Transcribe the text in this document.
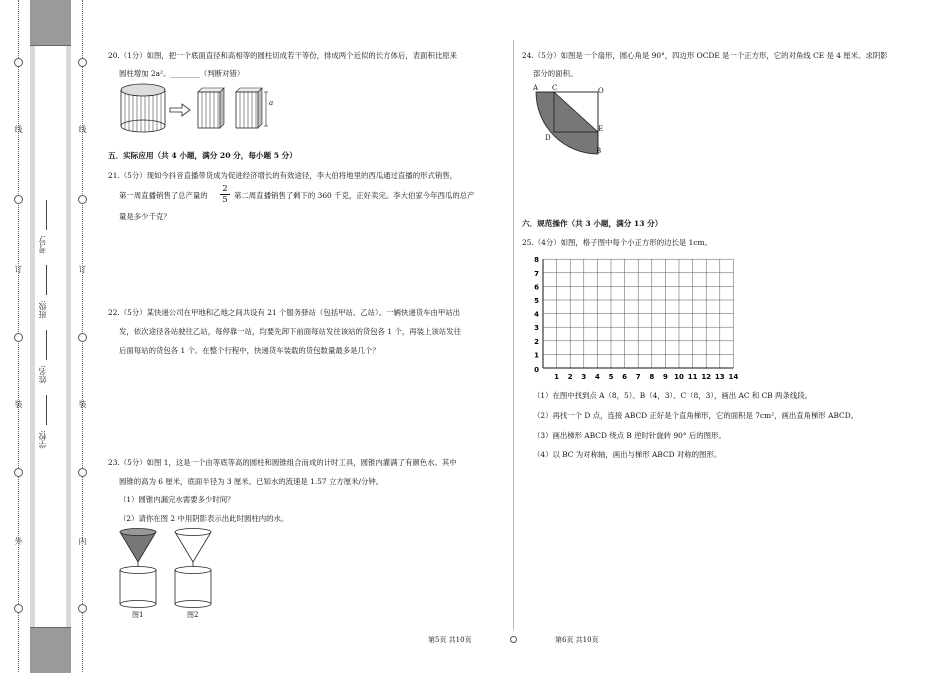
线
订
装
外
线
订
装
内
学校:
姓名:
班级:
考号:
20.（1分）如图，把一个底面直径和高相等的圆柱切成若干等份，排成两个近似的长方体后，表面积比原来
圆柱增加 2a²。________（判断对错）
a
五．实际应用（共 4 小题，满分 20 分，每小题 5 分）
21.（5分）现如今抖音直播带货成为促进经济增长的有效途径，李大伯将地里的西瓜通过直播的形式销售，
第一周直播销售了总产量的 $\frac{2}{5}$ 第二周直播销售了剩下的 360 千克，正好卖完。李大伯家今年西瓜的总产
量是多少千克？
22.（5分）某快递公司在甲地和乙地之间共设有 21 个服务驿站（包括甲站、乙站）。一辆快递货车由甲站出
发，依次途径各站驶往乙站，每停靠一站，均要先卸下前面每站发往该站的货包各 1 个，再装上该站发往
后面每站的货包各 1 个。在整个行程中，快递货车装载的货包数量最多是几个？
23.（5分）如图 1，这是一个由等底等高的圆柱和圆锥组合而成的计时工具，圆锥内灌满了有颜色水。其中
圆锥的高为 6 厘米，底面半径为 3 厘米。已知水的流速是 1.57 立方厘米/分钟。
（1）圆锥内漏完水需要多少时间？
（2）请你在图 2 中用阴影表示出此时圆柱内的水。
图1	图2
24.（5分）如图是一个扇形，圆心角是 90°，四边形 OCDE 是一个正方形，它的对角线 CE 是 4 厘米。求阴影
部分的面积。
A C	O
E
D
B
六．规范操作（共 3 小题，满分 13 分）
25.（4分）如图，格子图中每个小正方形的边长是 1cm。
1 2 3 4 5 6 7 8 9 10 11 12 13 14
1
2
3
4
5
6
7
8
0
（1）在图中找到点 A（8，5）、B（4，3）、C（8，3），画出 AC 和 CB 两条线段。
（2）再找一个 D 点，连接 ABCD 正好是个直角梯形，它的面积是 7cm²，画出直角梯形 ABCD。
（3）画出梯形 ABCD 绕点 B 逆时针旋转 90° 后的图形。
（4）以 BC 为对称轴，画出与梯形 ABCD 对称的图形。
第5页 共10页	第6页 共10页
